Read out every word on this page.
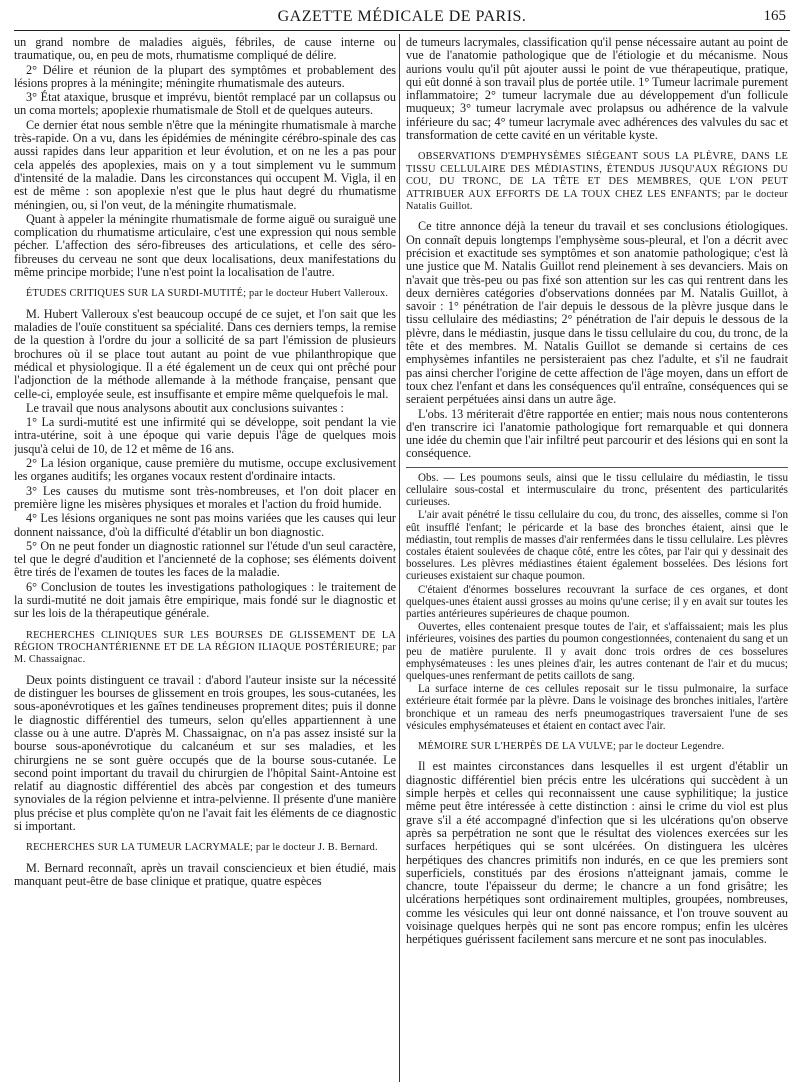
GAZETTE MÉDICALE DE PARIS.	165

un grand nombre de maladies aiguës, fébriles, de cause interne ou traumatique, ou, en peu de mots, rhumatisme compliqué de délire.

2° Délire et réunion de la plupart des symptômes et probablement des lésions propres à la méningite; méningite rhumatismale des auteurs.

3° État ataxique, brusque et imprévu, bientôt remplacé par un collapsus ou un coma mortels; apoplexie rhumatismale de Stoll et de quelques auteurs.

Ce dernier état nous semble n'être que la méningite rhumatismale à marche très-rapide. On a vu, dans les épidémies de méningite cérébro-spinale des cas aussi rapides dans leur apparition et leur évolution, et on ne les a pas pour cela appelés des apoplexies, mais on y a tout simplement vu le summum d'intensité de la maladie. Dans les circonstances qui occupent M. Vigla, il en est de même : son apoplexie n'est que le plus haut degré du rhumatisme méningien, ou, si l'on veut, de la méningite rhumatismale.

Quant à appeler la méningite rhumatismale de forme aiguë ou suraiguë une complication du rhumatisme articulaire, c'est une expression qui nous semble pécher. L'affection des séro-fibreuses des articulations, et celle des séro-fibreuses du cerveau ne sont que deux localisations, deux manifestations du même principe morbide; l'une n'est point la localisation de l'autre.

ÉTUDES CRITIQUES SUR LA SURDI-MUTITÉ; par le docteur Hubert Valleroux.

M. Hubert Valleroux s'est beaucoup occupé de ce sujet, et l'on sait que les maladies de l'ouïe constituent sa spécialité. Dans ces derniers temps, la remise de la question à l'ordre du jour a sollicité de sa part l'émission de plusieurs brochures où il se place tout autant au point de vue philanthropique que médical et physiologique. Il a été également un de ceux qui ont prêché pour l'adjonction de la méthode allemande à la méthode française, pensant que celle-ci, employée seule, est insuffisante et empire même quelquefois le mal.

Le travail que nous analysons aboutit aux conclusions suivantes :

1° La surdi-mutité est une infirmité qui se développe, soit pendant la vie intra-utérine, soit à une époque qui varie depuis l'âge de quelques mois jusqu'à celui de 10, de 12 et même de 16 ans.

2° La lésion organique, cause première du mutisme, occupe exclusivement les organes auditifs; les organes vocaux restent d'ordinaire intacts.

3° Les causes du mutisme sont très-nombreuses, et l'on doit placer en première ligne les misères physiques et morales et l'action du froid humide.

4° Les lésions organiques ne sont pas moins variées que les causes qui leur donnent naissance, d'où la difficulté d'établir un bon diagnostic.

5° On ne peut fonder un diagnostic rationnel sur l'étude d'un seul caractère, tel que le degré d'audition et l'ancienneté de la cophose; ses éléments doivent être tirés de l'examen de toutes les faces de la maladie.

6° Conclusion de toutes les investigations pathologiques : le traitement de la surdi-mutité ne doit jamais être empirique, mais fondé sur le diagnostic et sur les lois de la thérapeutique générale.

RECHERCHES CLINIQUES SUR LES BOURSES DE GLISSEMENT DE LA RÉGION TROCHANTÉRIENNE ET DE LA RÉGION ILIAQUE POSTÉRIEURE; par M. Chassaignac.

Deux points distinguent ce travail : d'abord l'auteur insiste sur la nécessité de distinguer les bourses de glissement en trois groupes, les sous-cutanées, les sous-aponévrotiques et les gaînes tendineuses proprement dites; puis il donne le diagnostic différentiel des tumeurs, selon qu'elles appartiennent à une classe ou à une autre. D'après M. Chassaignac, on n'a pas assez insisté sur la bourse sous-aponévrotique du calcanéum et sur ses maladies, et les chirurgiens ne se sont guère occupés que de la bourse sous-cutanée. Le second point important du travail du chirurgien de l'hôpital Saint-Antoine est relatif au diagnostic différentiel des abcès par congestion et des tumeurs synoviales de la région pelvienne et intra-pelvienne. Il présente d'une manière plus précise et plus complète qu'on ne l'avait fait les éléments de ce diagnostic si important.

RECHERCHES SUR LA TUMEUR LACRYMALE; par le docteur J. B. Bernard.

M. Bernard reconnaît, après un travail consciencieux et bien étudié, mais manquant peut-être de base clinique et pratique, quatre espèces

de tumeurs lacrymales, classification qu'il pense nécessaire autant au point de vue de l'anatomie pathologique que de l'étiologie et du mécanisme. Nous aurions voulu qu'il pût ajouter aussi le point de vue thérapeutique, pratique, qui eût donné à son travail plus de portée utile. 1° Tumeur lacrimale purement inflammatoire; 2° tumeur lacrymale due au développement d'un follicule muqueux; 3° tumeur lacrymale avec prolapsus ou adhérence de la valvule inférieure du sac; 4° tumeur lacrymale avec adhérences des valvules du sac et transformation de cette cavité en un véritable kyste.

OBSERVATIONS D'EMPHYSÈMES SIÉGEANT SOUS LA PLÈVRE, DANS LE TISSU CELLULAIRE DES MÉDIASTINS, ÉTENDUS JUSQU'AUX RÉGIONS DU COU, DU TRONC, DE LA TÊTE ET DES MEMBRES, QUE L'ON PEUT ATTRIBUER AUX EFFORTS DE LA TOUX CHEZ LES ENFANTS; par le docteur Natalis Guillot.

Ce titre annonce déjà la teneur du travail et ses conclusions étiologiques. On connaît depuis longtemps l'emphysème sous-pleural, et l'on a décrit avec précision et exactitude ses symptômes et son anatomie pathologique; c'est là une justice que M. Natalis Guillot rend pleinement à ses devanciers. Mais on n'avait que très-peu ou pas fixé son attention sur les cas qui rentrent dans les deux dernières catégories d'observations données par M. Natalis Guillot, à savoir : 1° pénétration de l'air depuis le dessous de la plèvre jusque dans le tissu cellulaire des médiastins; 2° pénétration de l'air depuis le dessous de la plèvre, dans le médiastin, jusque dans le tissu cellulaire du cou, du tronc, de la tête et des membres. M. Natalis Guillot se demande si certains de ces emphysèmes infantiles ne persisteraient pas chez l'adulte, et s'il ne faudrait pas ainsi chercher l'origine de cette affection de l'âge moyen, dans un effort de toux chez l'enfant et dans les conséquences qu'il entraîne, conséquences qui se seraient perpétuées ainsi dans un autre âge.

L'obs. 13 mériterait d'être rapportée en entier; mais nous nous contenterons d'en transcrire ici l'anatomie pathologique fort remarquable et qui donnera une idée du chemin que l'air infiltré peut parcourir et des lésions qui en sont la conséquence.

Obs. — Les poumons seuls, ainsi que le tissu cellulaire du médiastin, le tissu cellulaire sous-costal et intermusculaire du tronc, présentent des particularités curieuses.

L'air avait pénétré le tissu cellulaire du cou, du tronc, des aisselles, comme si l'on eût insufflé l'enfant; le péricarde et la base des bronches étaient, ainsi que le médiastin, tout remplis de masses d'air renfermées dans le tissu cellulaire. Les plèvres costales étaient soulevées de chaque côté, entre les côtes, par l'air qui y dessinait des bosselures. Les plèvres médiastines étaient également bosselées. Des lésions fort curieuses existaient sur chaque poumon.

C'étaient d'énormes bosselures recouvrant la surface de ces organes, et dont quelques-unes étaient aussi grosses au moins qu'une cerise; il y en avait sur toutes les parties antérieures supérieures de chaque poumon.

Ouvertes, elles contenaient presque toutes de l'air, et s'affaissaient; mais les plus inférieures, voisines des parties du poumon congestionnées, contenaient du sang et un peu de matière purulente. Il y avait donc trois ordres de ces bosselures emphysémateuses : les unes pleines d'air, les autres contenant de l'air et du mucus; quelques-unes renfermant de petits caillots de sang.

La surface interne de ces cellules reposait sur le tissu pulmonaire, la surface extérieure était formée par la plèvre. Dans le voisinage des bronches initiales, l'artère bronchique et un rameau des nerfs pneumogastriques traversaient l'une de ses vésicules emphysémateuses et étaient en contact avec l'air.

MÉMOIRE SUR L'HERPÈS DE LA VULVE; par le docteur Legendre.

Il est maintes circonstances dans lesquelles il est urgent d'établir un diagnostic différentiel bien précis entre les ulcérations qui succèdent à un simple herpès et celles qui reconnaissent une cause syphilitique; la justice même peut être intéressée à cette distinction : ainsi le crime du viol est plus grave s'il a été accompagné d'infection que si les ulcérations qu'on observe après sa perpétration ne sont que le résultat des violences exercées sur les surfaces herpétiques qui se sont ulcérées. On distinguera les ulcères herpétiques des chancres primitifs non indurés, en ce que les premiers sont superficiels, constitués par des érosions n'atteignant jamais, comme le chancre, toute l'épaisseur du derme; le chancre a un fond grisâtre; les ulcérations herpétiques sont ordinairement multiples, groupées, nombreuses, comme les vésicules qui leur ont donné naissance, et l'on trouve souvent au voisinage quelques herpès qui ne sont pas encore rompus; enfin les ulcères herpétiques guérissent facilement sans mercure et ne sont pas inoculables.
